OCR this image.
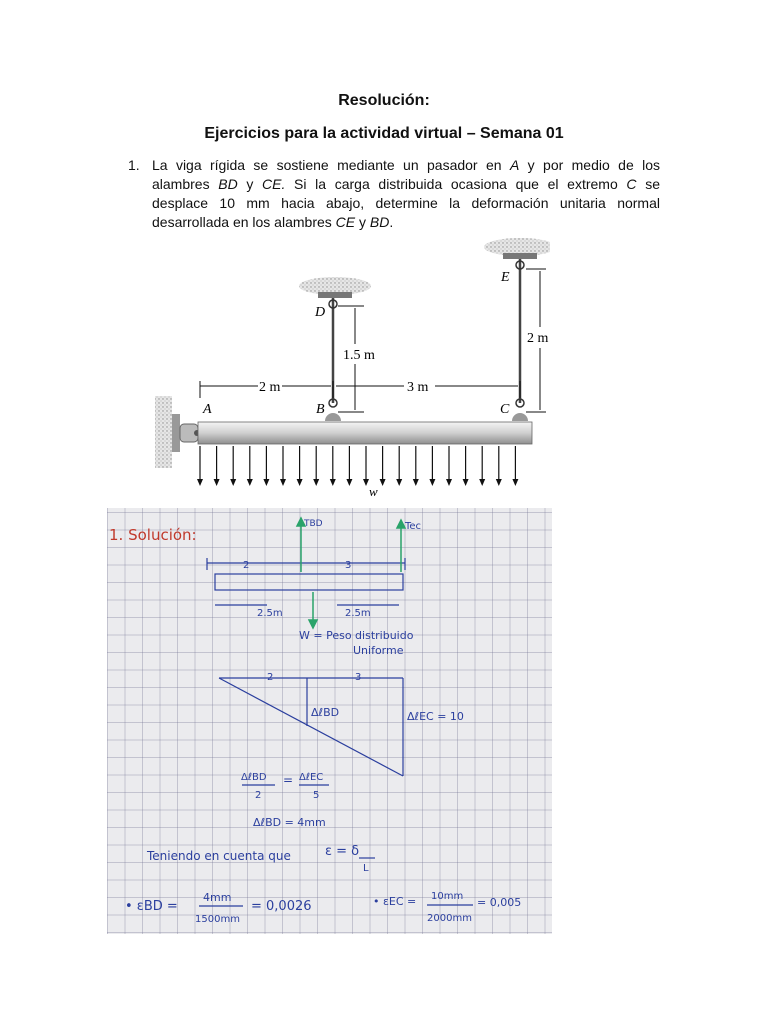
Resolución:
Ejercicios para la actividad virtual – Semana 01
1. La viga rígida se sostiene mediante un pasador en A y por medio de los
alambres BD y CE. Si la carga distribuida ocasiona que el extremo C se
desplace 10 mm hacia abajo, determine la deformación unitaria normal
desarrollada en los alambres CE y BD.
D
E
A	B	C
w
1.5 m
2 m
2 m	3 m
1. Solución:
TBD	Tec
2	3
2.5m	2.5m
W = Peso distribuido
Uniforme
2	3
ΔℓBD	ΔℓEC = 10
ΔℓBD = ΔℓEC
2	5
ΔℓBD = 4mm
Teniendo en cuenta que	ε = δ
L
• εBD =
4mm
1500mm
= 0,0026	• εEC = 10mm
2000mm
= 0,005
